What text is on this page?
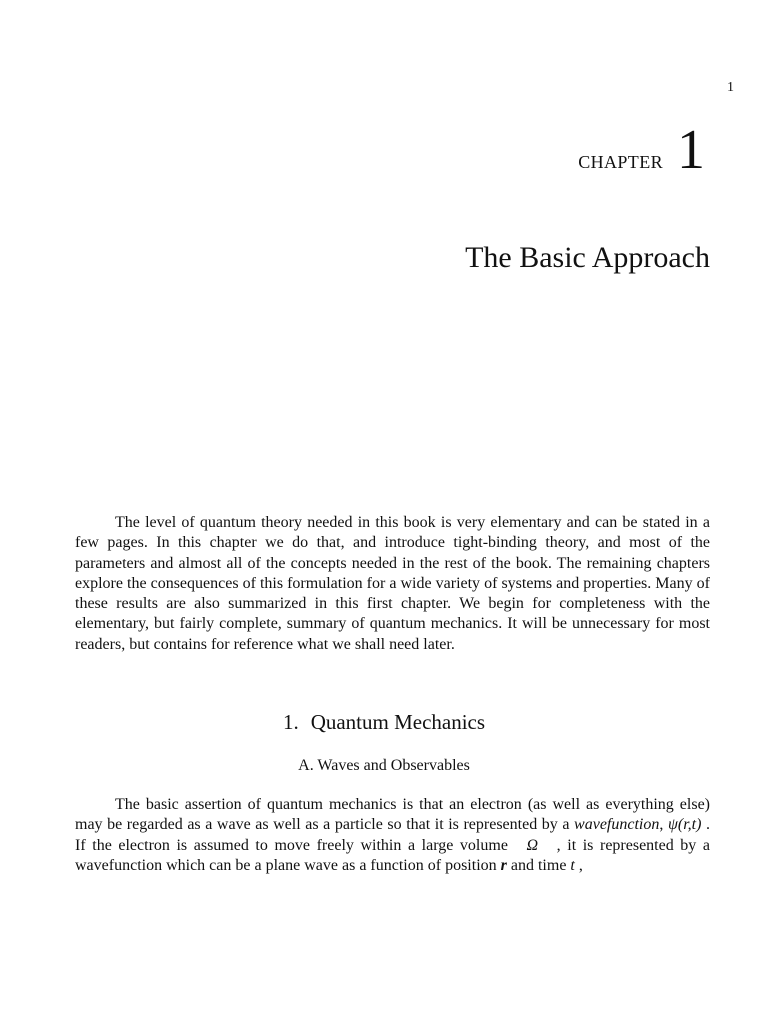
1
CHAPTER 1
The Basic Approach

The level of quantum theory needed in this book is very elementary and can be stated in a few pages. In this chapter we do that, and introduce tight-binding theory, and most of the parameters and almost all of the concepts needed in the rest of the book. The remaining chapters explore the consequences of this formulation for a wide variety of systems and properties. Many of these results are also summarized in this first chapter. We begin for completeness with the elementary, but fairly complete, summary of quantum mechanics. It will be unnecessary for most readers, but contains for reference what we shall need later.

1. Quantum Mechanics
A. Waves and Observables

The basic assertion of quantum mechanics is that an electron (as well as everything else) may be regarded as a wave as well as a particle so that it is represented by a wavefunction, ψ(r,t) . If the electron is assumed to move freely within a large volume Ω , it is represented by a wavefunction which can be a plane wave as a function of position r and time t ,
